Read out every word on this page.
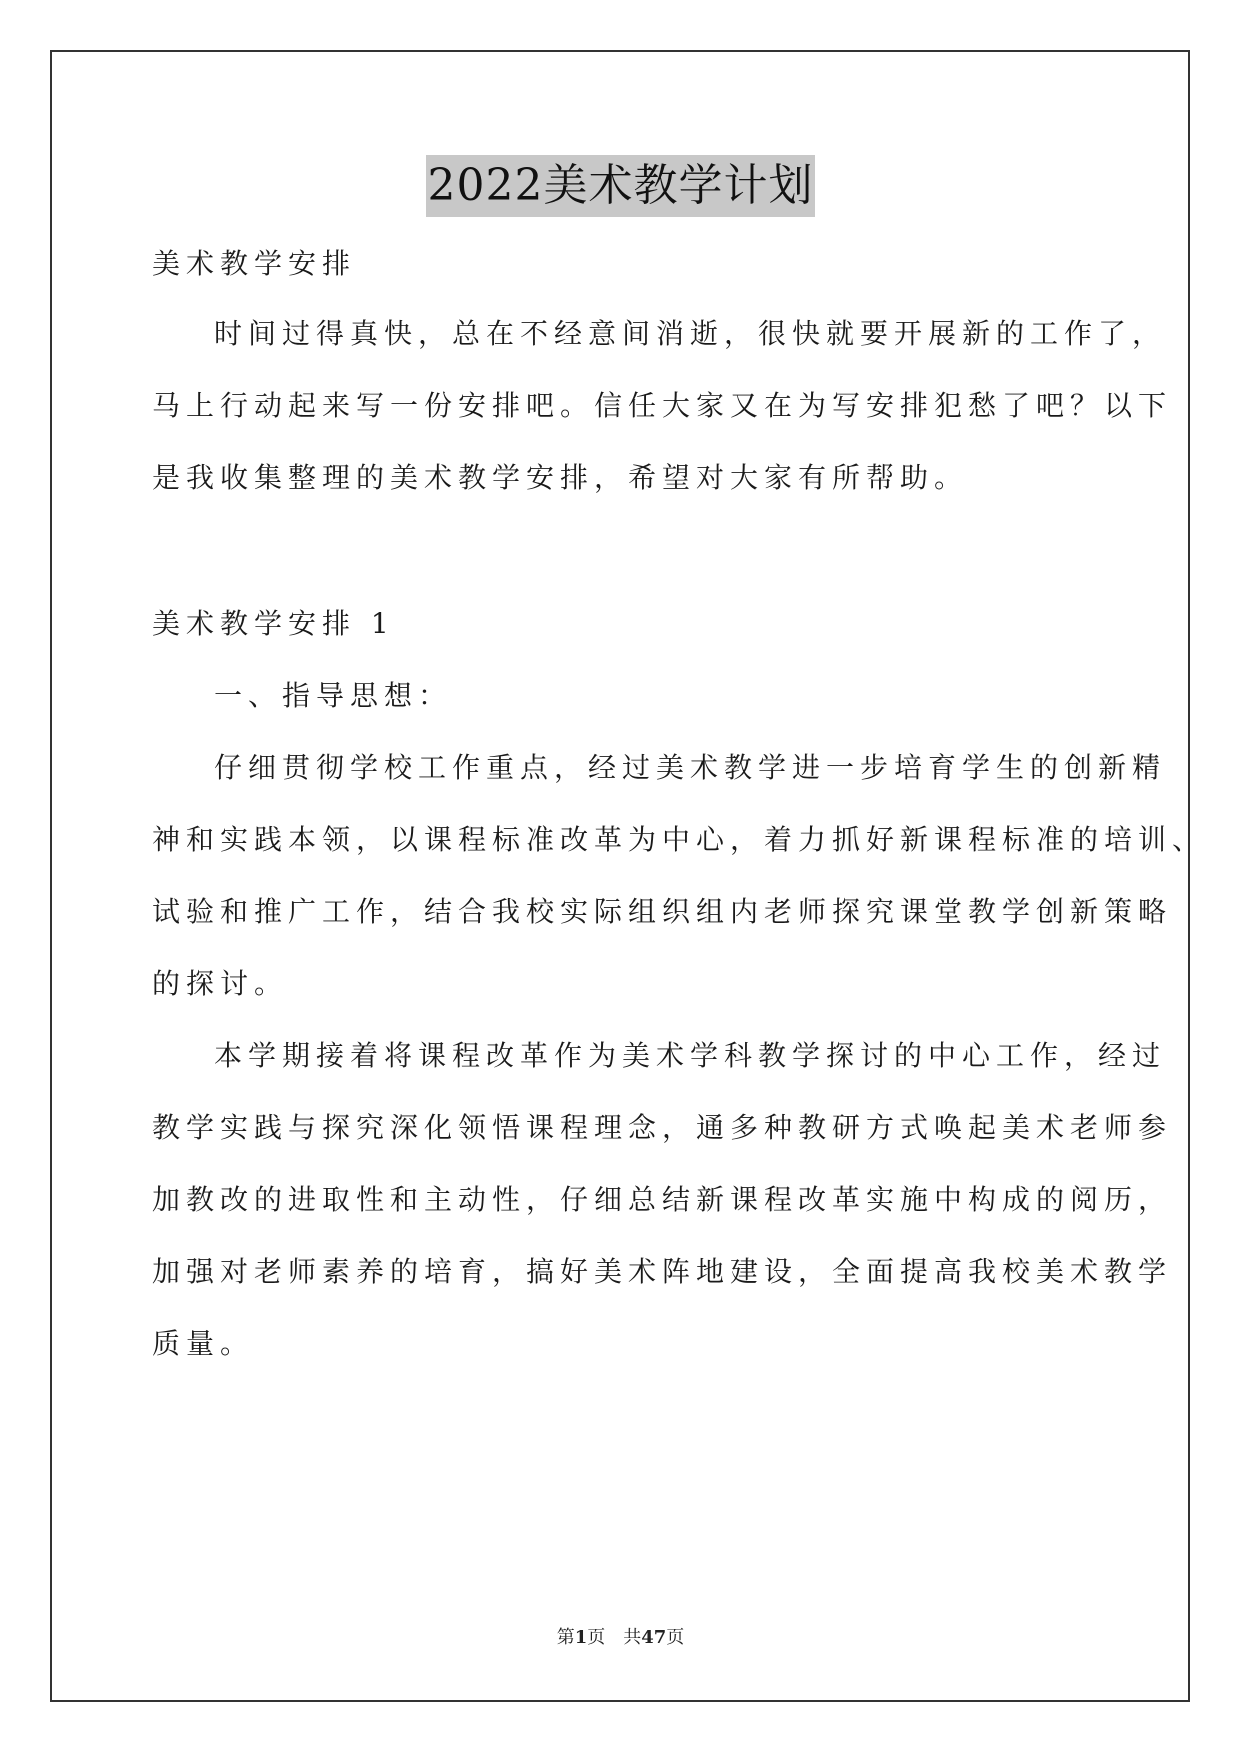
2022美术教学计划
美术教学安排
时间过得真快，总在不经意间消逝，很快就要开展新的工作了，
马上行动起来写一份安排吧。信任大家又在为写安排犯愁了吧？以下
是我收集整理的美术教学安排，希望对大家有所帮助。
美术教学安排 1
一、指导思想：
仔细贯彻学校工作重点，经过美术教学进一步培育学生的创新精
神和实践本领，以课程标准改革为中心，着力抓好新课程标准的培训、
试验和推广工作，结合我校实际组织组内老师探究课堂教学创新策略
的探讨。
本学期接着将课程改革作为美术学科教学探讨的中心工作，经过
教学实践与探究深化领悟课程理念，通多种教研方式唤起美术老师参
加教改的进取性和主动性，仔细总结新课程改革实施中构成的阅历，
加强对老师素养的培育，搞好美术阵地建设，全面提高我校美术教学
质量。
第1页　共47页
